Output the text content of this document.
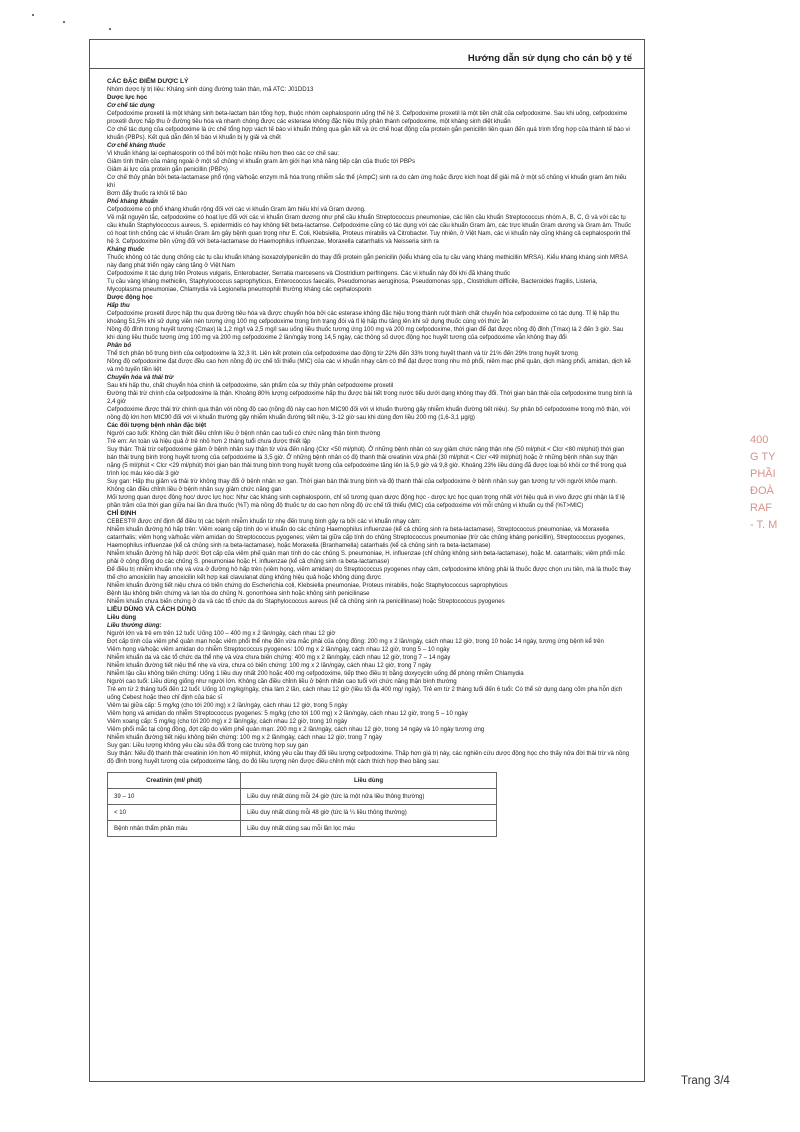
Hướng dẫn sử dụng cho cán bộ y tế

CÁC ĐẶC ĐIỂM DƯỢC LÝ

Nhóm dược lý trị liệu: Kháng sinh dùng đường toàn thân, mã ATC: J01DD13

Dược lực học

Cơ chế tác dụng

Cefpodoxime proxetil là một kháng sinh beta-lactam bán tổng hợp, thuộc nhóm cephalosporin uống thế hệ 3. Cefpodoxime proxetil là một tiền chất của cefpodoxime. Sau khi uống, cefpodoxime proxetil được hấp thu ở đường tiêu hóa và nhanh chóng được các esterase không đặc hiệu thủy phân thành cefpodoxime, một kháng sinh diệt khuẩn

Cơ chế tác dụng của cefpodoxime là ức chế tổng hợp vách tế bào vi khuẩn thông qua gắn kết và ức chế hoạt động của protein gắn penicillin liên quan đến quá trình tổng hợp của thành tế bào vi khuẩn (PBPs). Kết quả dẫn đến tế bào vi khuẩn bị ly giải và chết

Cơ chế kháng thuốc

Vi khuẩn kháng lại cephalosporin có thể bởi một hoặc nhiều hơn theo các cơ chế sau:

Giảm tính thấm của màng ngoài ở một số chủng vi khuẩn gram âm giới hạn khả năng tiếp cận của thuốc tới PBPs

Giảm ái lực của protein gắn penicillin (PBPs)

Cơ chế thủy phân bởi beta-lactamase phổ rộng và/hoặc enzym mã hóa trong nhiễm sắc thể (AmpC) sinh ra do cảm ứng hoặc được kích hoạt để giải mã ở một số chủng vi khuẩn gram âm hiếu khí

Bơm đẩy thuốc ra khỏi tế bào

Phổ kháng khuẩn

Cefpodoxime có phổ kháng khuẩn rộng đối với các vi khuẩn Gram âm hiếu khí và Gram dương.

Về mặt nguyên tắc, cefpodoxime có hoạt lực đối với các vi khuẩn Gram dương như phế cầu khuẩn Streptococcus pneumoniae, các liên cầu khuẩn Streptococcus nhóm A, B, C, G và với các tụ cầu khuẩn Staphylococcus aureus, S. epidermidis có hay không tiết beta-lactamse. Cefpodoxime cũng có tác dụng với các cầu khuẩn Gram âm, các trực khuẩn Gram dương và Gram âm. Thuốc có hoạt tính chống các vi khuẩn Gram âm gây bệnh quan trọng như E. Coli, Klebsiella, Proteus mirabilis và Citrobacter. Tuy nhiên, ở Việt Nam, các vi khuẩn này cũng kháng cả cephalosporin thế hệ 3. Cefpodoxime bền vững đối với beta-lactamase do Haemophilus influenzae, Moraxella catarrhalis và Neisseria sinh ra

Kháng thuốc

Thuốc không có tác dụng chống các tụ cầu khuẩn kháng isoxazolylpenicilin do thay đổi protein gắn penicilin (kiểu kháng của tụ cầu vàng kháng methicillin MRSA). Kiểu kháng kháng sinh MRSA này đang phát triển ngày càng tăng ở Việt Nam

Cefpodoxime ít tác dụng trên Proteus vulgaris, Enterobacter, Serratia marcesens và Clostridium perfringens. Các vi khuẩn này đôi khi đã kháng thuốc

Tụ cầu vàng kháng methicilin, Staphylococcus saprophyticus, Enterococcus faecalis, Pseudomonas aeruginosa, Pseudomonas spp., Clostridium difficile, Bacteroides fragilis, Listeria, Mycoplasma pneumoniae, Chlamydia và Legionella pneumophili thường kháng các cephalosporin

Dược động học

Hấp thu

Cefpodoxime proxetil được hấp thu qua đường tiêu hóa và được chuyển hóa bởi các esterase không đặc hiệu trong thành ruột thành chất chuyển hóa cefpodoxime có tác dụng. Tỉ lệ hấp thu khoảng 51,5% khi sử dụng viên nén tương ứng 100 mg cefpodoxime trong tình trạng đói và tỉ lệ hấp thu tăng lên khi sử dụng thuốc cùng với thức ăn

Nồng độ đỉnh trong huyết tương (Cmax) là 1,2 mg/l và 2,5 mg/l sau uống liều thuốc tương ứng 100 mg và 200 mg cefpodoxime, thời gian để đạt được nồng độ đỉnh (Tmax) là 2 đến 3 giờ. Sau khi dùng liều thuốc tương ứng 100 mg và 200 mg cefpodoxime 2 lần/ngày trong 14,5 ngày, các thông số dược động học huyết tương của cefpodoxime vẫn không thay đổi

Phân bố

Thể tích phân bố trung bình của cefpodoxime là 32,3 lít. Liên kết protein của cefpodoxime dao động từ 22% đến 33% trong huyết thanh và từ 21% đến 29% trong huyết tương

Nồng độ cefpodoxime đạt được đều cao hơn nồng độ ức chế tối thiểu (MIC) của các vi khuẩn nhạy cảm có thể đạt được trong nhu mô phổi, niêm mạc phế quản, dịch màng phổi, amidan, dịch kẽ và mô tuyến tiền liệt

Chuyển hóa và thải trừ

Sau khi hấp thu, chất chuyển hóa chính là cefpodoxime, sản phẩm của sự thủy phân cefpodoxime proxetil

Đường thải trừ chính của cefpodoxime là thận. Khoảng 80% lượng cefpodoxime hấp thu được bài tiết trong nước tiểu dưới dạng không thay đổi. Thời gian bán thải của cefpodoxime trung bình là 2,4 giờ

Cefpodoxime được thải trừ chính qua thận với nồng độ cao (nồng độ này cao hơn MIC90 đối với vi khuẩn thường gây nhiễm khuẩn đường tiết niệu). Sự phân bố cefpodoxime trong mô thận, với nồng độ lớn hơn MIC90 đối với vi khuẩn thường gây nhiễm khuẩn đường tiết niệu, 3-12 giờ sau khi dùng đơn liều 200 mg (1,6-3,1 μg/g)

Các đối tượng bệnh nhân đặc biệt

Người cao tuổi: Không cần thiết điều chỉnh liều ở bệnh nhân cao tuổi có chức năng thận bình thường

Trẻ em: An toàn và hiệu quả ở trẻ nhỏ hơn 2 tháng tuổi chưa được thiết lập

Suy thận: Thải trừ cefpodoxime giảm ở bệnh nhân suy thận từ vừa đến nặng (Clcr <50 ml/phút). Ở những bệnh nhân có suy giảm chức năng thận nhẹ (50 ml/phút < Clcr <80 ml/phút) thời gian bán thải trung bình trong huyết tương của cefpodoxime là 3,5 giờ. Ở những bệnh nhân có độ thanh thải creatinin vừa phải (30 ml/phút < Clcr <49 ml/phút) hoặc ở những bệnh nhân suy thận nặng (5 ml/phút < Clcr <29 ml/phút) thời gian bán thải trung bình trong huyết tương của cefpodoxime tăng lên là 5,9 giờ và 9,8 giờ. Khoảng 23% liều dùng đã được loại bỏ khỏi cơ thể trong quá trình lọc máu kéo dài 3 giờ

Suy gan: Hấp thu giảm và thải trừ không thay đổi ở bệnh nhân xơ gan. Thời gian bán thải trung bình và độ thanh thải của cefpodoxime ở bệnh nhân suy gan tương tự với người khỏe mạnh. Không cần điều chỉnh liều ở bệnh nhân suy giảm chức năng gan

Mối tương quan dược động học/ dược lực học: Như các kháng sinh cephalosporin, chỉ số tương quan dược động học - dược lực học quan trọng nhất với hiệu quả in vivo được ghi nhận là tỉ lệ phần trăm của thời gian giữa hai lần đưa thuốc (%T) mà nồng độ thuốc tự do cao hơn nồng độ ức chế tối thiểu (MIC) của cefpodoxime với mỗi chủng vi khuẩn cụ thể (%T>MIC)

CHỈ ĐỊNH

CEBEST® được chỉ định để điều trị các bệnh nhiễm khuẩn từ nhẹ đến trung bình gây ra bởi các vi khuẩn nhạy cảm:

Nhiễm khuẩn đường hô hấp trên: Viêm xoang cấp tính do vi khuẩn do các chủng Haemophilus influenzae (kể cả chủng sinh ra beta-lactamase), Streptococcus pneumoniae, và Moraxella catarrhalis; viêm họng và/hoặc viêm amidan do Streptococcus pyogenes; viêm tai giữa cấp tính do chủng Streptococcus pneumoniae (trừ các chủng kháng penicillin), Streptococcus pyogenes, Haemophilus influenzae (kể cả chủng sinh ra beta-lactamase), hoặc Moraxella (Branhamella) catarrhalis (kể cả chủng sinh ra beta-lactamase)

Nhiễm khuẩn đường hô hấp dưới: Đợt cấp của viêm phế quản mạn tính do các chủng S. pneumoniae, H. influenzae (chỉ chủng không sinh beta-lactamase), hoặc M. catarrhalis; viêm phổi mắc phải ở cộng đồng do các chủng S. pneumoniae hoặc H. influenzae (kể cả chủng sinh ra beta-lactamase)

Để điều trị nhiễm khuẩn nhẹ và vừa ở đường hô hấp trên (viêm họng, viêm amidan) do Streptococcus pyogenes nhạy cảm, cefpodoxime không phải là thuốc được chọn ưu tiên, mà là thuốc thay thế cho amoxicilin hay amoxicilin kết hợp kali clavulanat dùng không hiệu quả hoặc không dùng được

Nhiễm khuẩn đường tiết niệu chưa có biến chứng do Escherichia coli, Klebsiella pneumoniae, Proteus mirabilis, hoặc Staphylococcus saprophyticus

Bệnh lậu không biến chứng và lan tỏa do chủng N. gonorrhoea sinh hoặc không sinh penicilinase

Nhiễm khuẩn chưa biến chứng ở da và các tổ chức da do Staphylococcus aureus (kể cả chủng sinh ra penicillinase) hoặc Streptococcus pyogenes

LIỀU DÙNG VÀ CÁCH DÙNG

Liều dùng

Liều thường dùng:

Người lớn và trẻ em trên 12 tuổi: Uống 100 – 400 mg x 2 lần/ngày, cách nhau 12 giờ

Đợt cấp tính của viêm phế quản mạn hoặc viêm phổi thể nhẹ đến vừa mắc phải của cộng đồng: 200 mg x 2 lần/ngày, cách nhau 12 giờ, trong 10 hoặc 14 ngày, tương ứng bệnh kể trên

Viêm họng và/hoặc viêm amidan do nhiễm Streptococcus pyogenes: 100 mg x 2 lần/ngày, cách nhau 12 giờ, trong 5 – 10 ngày

Nhiễm khuẩn da và các tổ chức da thể nhẹ và vừa chưa biến chứng: 400 mg x 2 lần/ngày, cách nhau 12 giờ, trong 7 – 14 ngày

Nhiễm khuẩn đường tiết niệu thể nhẹ và vừa, chưa có biến chứng: 100 mg x 2 lần/ngày, cách nhau 12 giờ, trong 7 ngày

Nhiễm lậu cầu không biến chứng: Uống 1 liều duy nhất 200 hoặc 400 mg cefpodoxime, tiếp theo điều trị bằng doxycyclin uống để phòng nhiễm Chlamydia

Người cao tuổi: Liều dùng giống như người lớn. Không cần điều chỉnh liều ở bệnh nhân cao tuổi với chức năng thận bình thường

Trẻ em từ 2 tháng tuổi đến 12 tuổi: Uống 10 mg/kg/ngày, chia làm 2 lần, cách nhau 12 giờ (liều tối đa 400 mg/ ngày). Trẻ em từ 2 tháng tuổi đến 6 tuổi: Có thể sử dụng dạng cốm pha hỗn dịch uống Cebest hoặc theo chỉ định của bác sĩ

Viêm tai giữa cấp: 5 mg/kg (cho tới 200 mg) x 2 lần/ngày, cách nhau 12 giờ, trong 5 ngày

Viêm họng và amidan do nhiễm Streptococcus pyogenes: 5 mg/kg (cho tới 100 mg) x 2 lần/ngày, cách nhau 12 giờ, trong 5 – 10 ngày

Viêm xoang cấp: 5 mg/kg (cho tới 200 mg) x 2 lần/ngày, cách nhau 12 giờ, trong 10 ngày

Viêm phổi mắc tại cộng đồng, đợt cấp do viêm phế quản mạn: 200 mg x 2 lần/ngày, cách nhau 12 giờ, trong 14 ngày và 10 ngày tương ứng

Nhiễm khuẩn đường tiết niệu không biến chứng: 100 mg x 2 lần/ngày, cách nhau 12 giờ, trong 7 ngày

Suy gan: Liều lượng không yêu cầu sửa đổi trong các trường hợp suy gan

Suy thận: Nếu độ thanh thải creatinin lớn hơn 40 ml/phút, không yêu cầu thay đổi liều lượng cefpodoxime. Thấp hơn giá trị này, các nghiên cứu dược động học cho thấy nửa đời thải trừ và nồng độ đỉnh trong huyết tương của cefpodoxime tăng, do đó liều lượng nên được điều chỉnh một cách thích hợp theo bảng sau:

Creatinin (ml/ phút)	Liều dùng
39 – 10	Liều duy nhất dùng mỗi 24 giờ (tức là một nửa liều thông thường)
< 10	Liều duy nhất dùng mỗi 48 giờ (tức là ¼ liều thông thường)
Bệnh nhân thẩm phân máu	Liều duy nhất dùng sau mỗi lần lọc máu
400
G TY
PHẦI
ĐOÀ
RAF
- T. M
Trang 3/4
